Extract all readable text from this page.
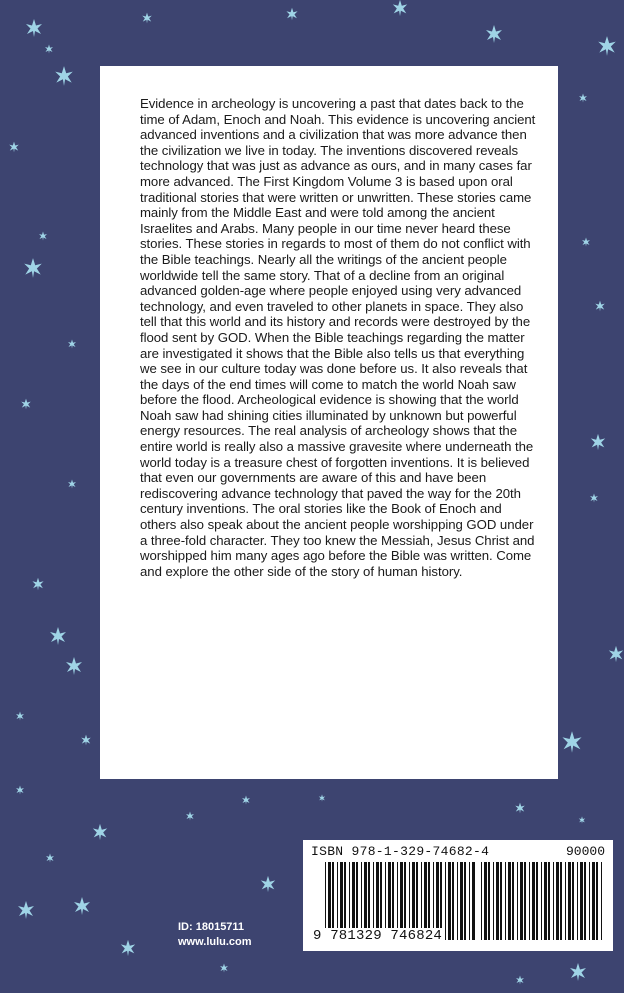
Evidence in archeology is uncovering a past that dates back to the time of Adam, Enoch and Noah. This evidence is uncovering ancient advanced inventions and a civilization that was more advance then the civilization we live in today. The inventions discovered reveals technology that was just as advance as ours, and in many cases far more advanced. The First Kingdom Volume 3 is based upon oral traditional stories that were written or unwritten. These stories came mainly from the Middle East and were told among the ancient Israelites and Arabs. Many people in our time never heard these stories. These stories in regards to most of them do not conflict with the Bible teachings. Nearly all the writings of the ancient people worldwide tell the same story. That of a decline from an original advanced golden-age where people enjoyed using very advanced technology, and even traveled to other planets in space. They also tell that this world and its history and records were destroyed by the flood sent by GOD. When the Bible teachings regarding the matter are investigated it shows that the Bible also tells us that everything we see in our culture today was done before us. It also reveals that the days of the end times will come to match the world Noah saw before the flood. Archeological evidence is showing that the world Noah saw had shining cities illuminated by unknown but powerful energy resources. The real analysis of archeology shows that the entire world is really also a massive gravesite where underneath the world today is a treasure chest of forgotten inventions. It is believed that even our governments are aware of this and have been rediscovering advance technology that paved the way for the 20th century inventions. The oral stories like the Book of Enoch and others also speak about the ancient people worshipping GOD under a three-fold character. They too knew the Messiah, Jesus Christ and worshipped him many ages ago before the Bible was written. Come and explore the other side of the story of human history.

ID: 18015711
www.lulu.com
ISBN 978-1-329-74682-4	90000
9 781329 746824
